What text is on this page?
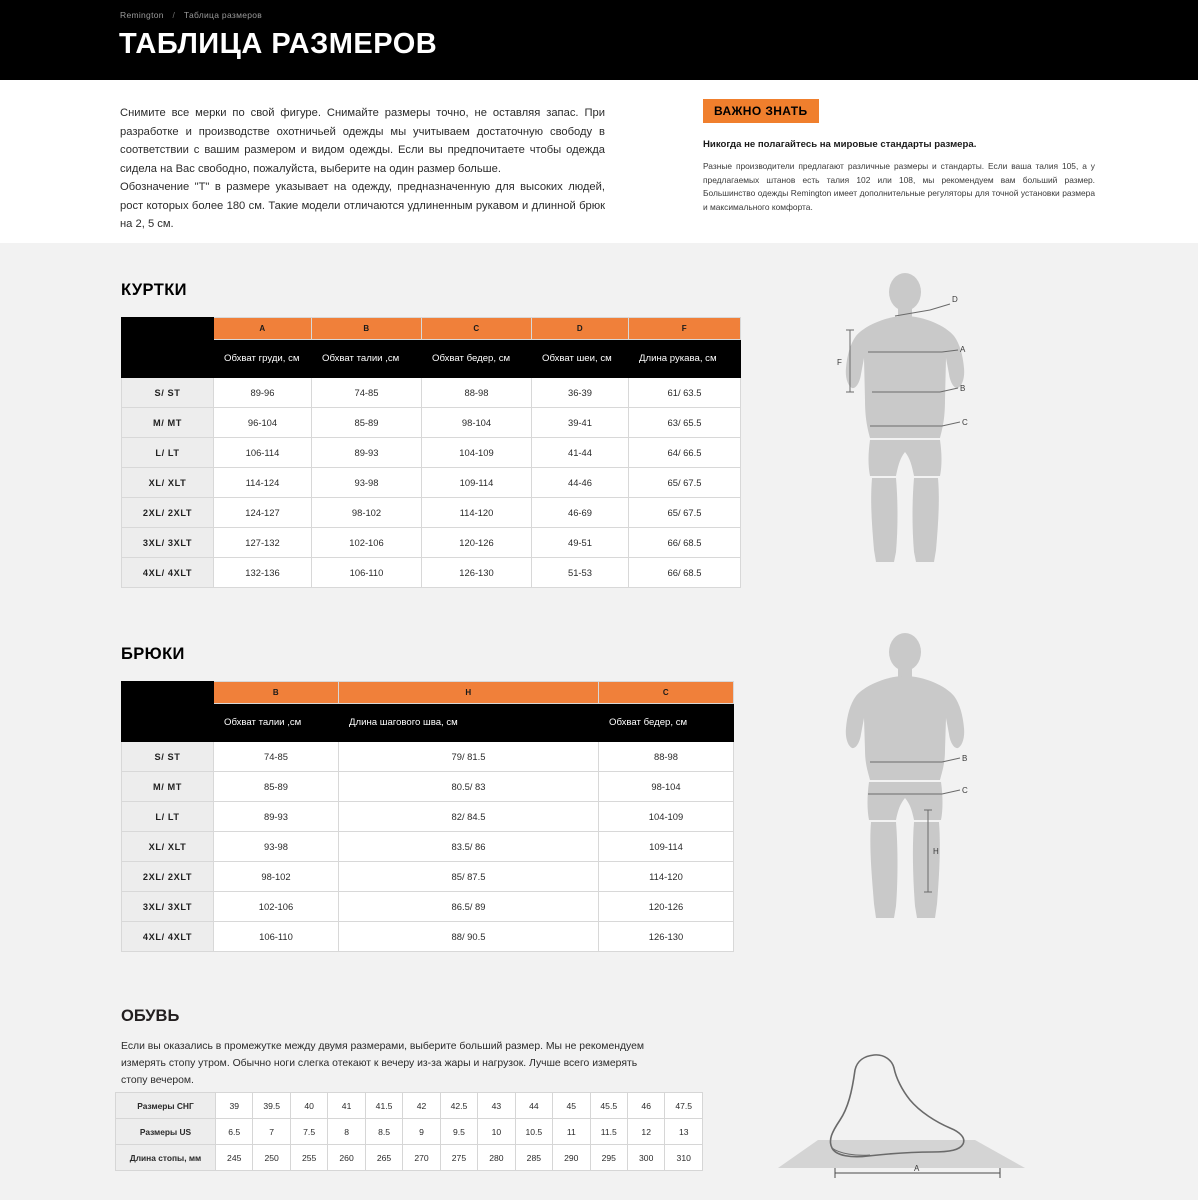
Remington / Таблица размеров
ТАБЛИЦА РАЗМЕРОВ

Снимите все мерки по свой фигуре. Снимайте размеры точно, не оставляя запас. При разработке и производстве охотничьей одежды мы учитываем достаточную свободу в соответствии с вашим размером и видом одежды. Если вы предпочитаете чтобы одежда сидела на Вас свободно, пожалуйста, выберите на один размер больше.

Обозначение "Т" в размере указывает на одежду, предназначенную для высоких людей, рост которых более 180 см. Такие модели отличаются удлиненным рукавом и длинной брюк на 2, 5 см.

ВАЖНО ЗНАТЬ
Никогда не полагайтесь на мировые стандарты размера.
Разные производители предлагают различные размеры и стандарты. Если ваша талия 105, а у предлагаемых штанов есть талия 102 или 108, мы рекомендуем вам больший размер. Большинство одежды Remington имеет дополнительные регуляторы для точной установки размера и максимального комфорта.
КУРТКИ
	A	B	C	D	F
	Обхват груди, см	Обхват талии ,см	Обхват бедер, см	Обхват шеи, см	Длина рукава, см
S/ ST	89-96	74-85	88-98	36-39	61/ 63.5
M/ MT	96-104	85-89	98-104	39-41	63/ 65.5
L/ LT	106-114	89-93	104-109	41-44	64/ 66.5
XL/ XLT	114-124	93-98	109-114	44-46	65/ 67.5
2XL/ 2XLT	124-127	98-102	114-120	46-69	65/ 67.5
3XL/ 3XLT	127-132	102-106	120-126	49-51	66/ 68.5
4XL/ 4XLT	132-136	106-110	126-130	51-53	66/ 68.5
БРЮКИ
	B	H	C
	Обхват талии ,см	Длина шагового шва, см	Обхват бедер, см
S/ ST	74-85	79/ 81.5	88-98
M/ MT	85-89	80.5/ 83	98-104
L/ LT	89-93	82/ 84.5	104-109
XL/ XLT	93-98	83.5/ 86	109-114
2XL/ 2XLT	98-102	85/ 87.5	114-120
3XL/ 3XLT	102-106	86.5/ 89	120-126
4XL/ 4XLT	106-110	88/ 90.5	126-130
ОБУВЬ
Если вы оказались в промежутке между двумя размерами, выберите больший размер. Мы не рекомендуем измерять стопу утром. Обычно ноги слегка отекают к вечеру из-за жары и нагрузок. Лучше всего измерять стопу вечером.
Размеры СНГ	39	39.5	40	41	41.5	42	42.5	43	44	45	45.5	46	47.5
Размеры US	6.5	7	7.5	8	8.5	9	9.5	10	10.5	11	11.5	12	13
Длина стопы, мм	245	250	255	260	265	270	275	280	285	290	295	300	310
D
A
B
C
F
B
C
H
A
